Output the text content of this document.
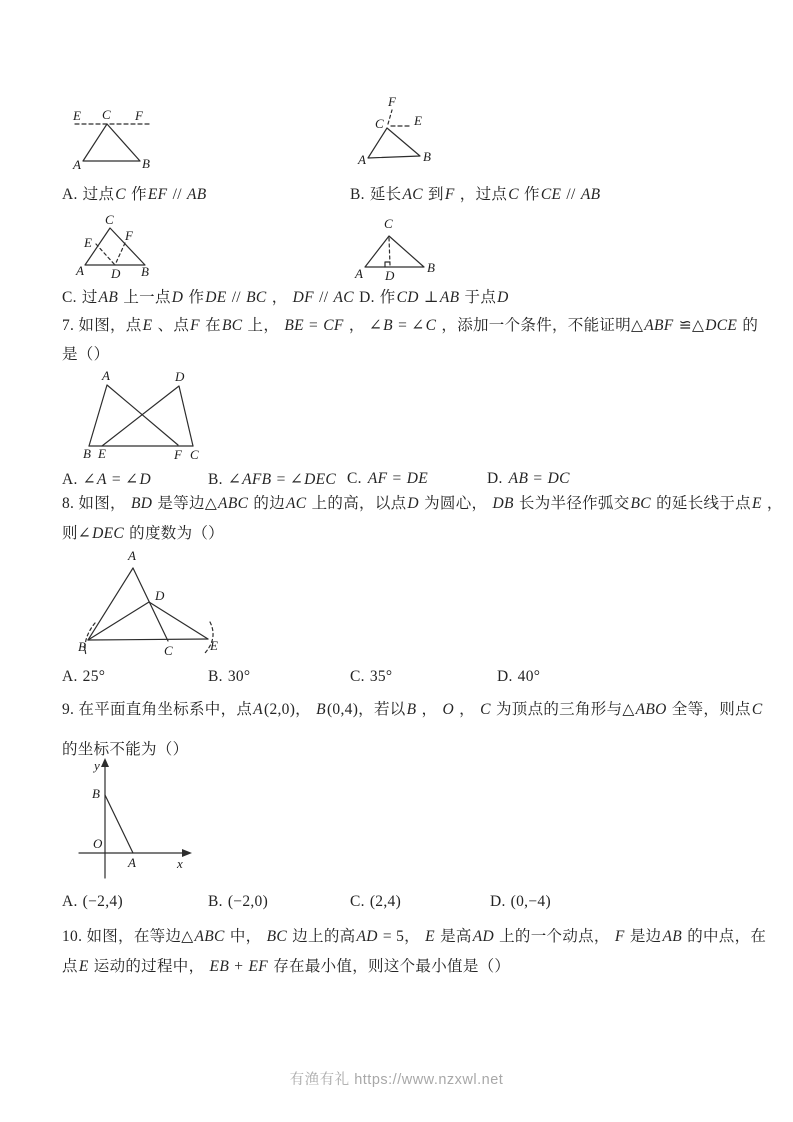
E C F
A	B
F
C E
A	B
A. 过点C 作EF // AB	B. 延长AC 到F ，过点C 作CE // AB
C
E	F
A D B
C
A D
B
C. 过AB 上一点D 作DE // BC ， DF // AC
D. 作CD ⊥AB 于点D
7. 如图，点E 、点F 在BC 上， BE = CF ， ∠B = ∠C ，添加一个条件，不能证明△ABF ≌△DCE 的
是（）
A	D
B E	F C
A. ∠A = ∠D	B. ∠AFB = ∠DEC C. AF = DE	D. AB = DC
8. 如图， BD 是等边△ABC 的边AC 上的高，以点D 为圆心， DB 长为半径作弧交BC 的延长线于点E ，
则∠DEC 的度数为（）
A
D
B	C	E
A. 25°	B. 30°	C. 35°	D. 40°
9. 在平面直角坐标系中，点A(2,0)， B(0,4)，若以B ， O ， C 为顶点的三角形与△ABO 全等，则点C
的坐标不能为（）
y
B
O
A	x
A. (−2,4)	B. (−2,0)	C. (2,4)	D. (0,−4)
10. 如图，在等边△ABC 中， BC 边上的高AD = 5， E 是高AD 上的一个动点， F 是边AB 的中点，在
点E 运动的过程中， EB + EF 存在最小值，则这个最小值是（）
有渔有礼 https://www.nzxwl.net
